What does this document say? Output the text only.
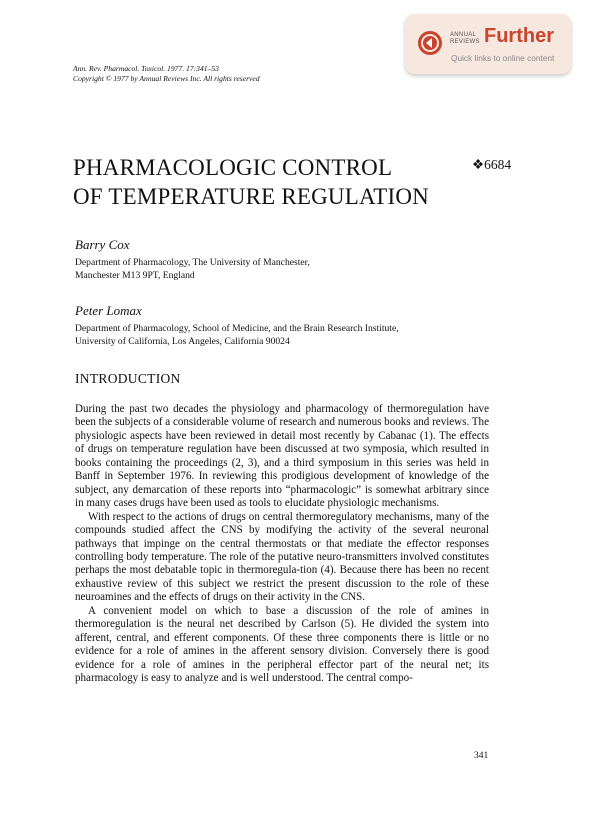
Ann. Rev. Pharmacol. Toxicol. 1977. 17:341–53
Copyright © 1977 by Annual Reviews Inc. All rights reserved
ANNUAL
REVIEWS Further
Quick links to online content
PHARMACOLOGIC CONTROL
OF TEMPERATURE REGULATION
❖6684
Barry Cox
Department of Pharmacology, The University of Manchester,
Manchester M13 9PT, England
Peter Lomax
Department of Pharmacology, School of Medicine, and the Brain Research Institute,
University of California, Los Angeles, California 90024
INTRODUCTION

During the past two decades the physiology and pharmacology of thermoregulation have been the subjects of a considerable volume of research and numerous books and reviews. The physiologic aspects have been reviewed in detail most recently by Cabanac (1). The effects of drugs on temperature regulation have been discussed at two symposia, which resulted in books containing the proceedings (2, 3), and a third symposium in this series was held in Banff in September 1976. In reviewing this prodigious development of knowledge of the subject, any demarcation of these reports into “pharmacologic” is somewhat arbitrary since in many cases drugs have been used as tools to elucidate physiologic mechanisms.

With respect to the actions of drugs on central thermoregulatory mechanisms, many of the compounds studied affect the CNS by modifying the activity of the several neuronal pathways that impinge on the central thermostats or that mediate the effector responses controlling body temperature. The role of the putative neuro-transmitters involved constitutes perhaps the most debatable topic in thermoregula-tion (4). Because there has been no recent exhaustive review of this subject we restrict the present discussion to the role of these neuroamines and the effects of drugs on their activity in the CNS.

A convenient model on which to base a discussion of the role of amines in thermoregulation is the neural net described by Carlson (5). He divided the system into afferent, central, and efferent components. Of these three components there is little or no evidence for a role of amines in the afferent sensory division. Conversely there is good evidence for a role of amines in the peripheral effector part of the neural net; its pharmacology is easy to analyze and is well understood. The central compo-

341
